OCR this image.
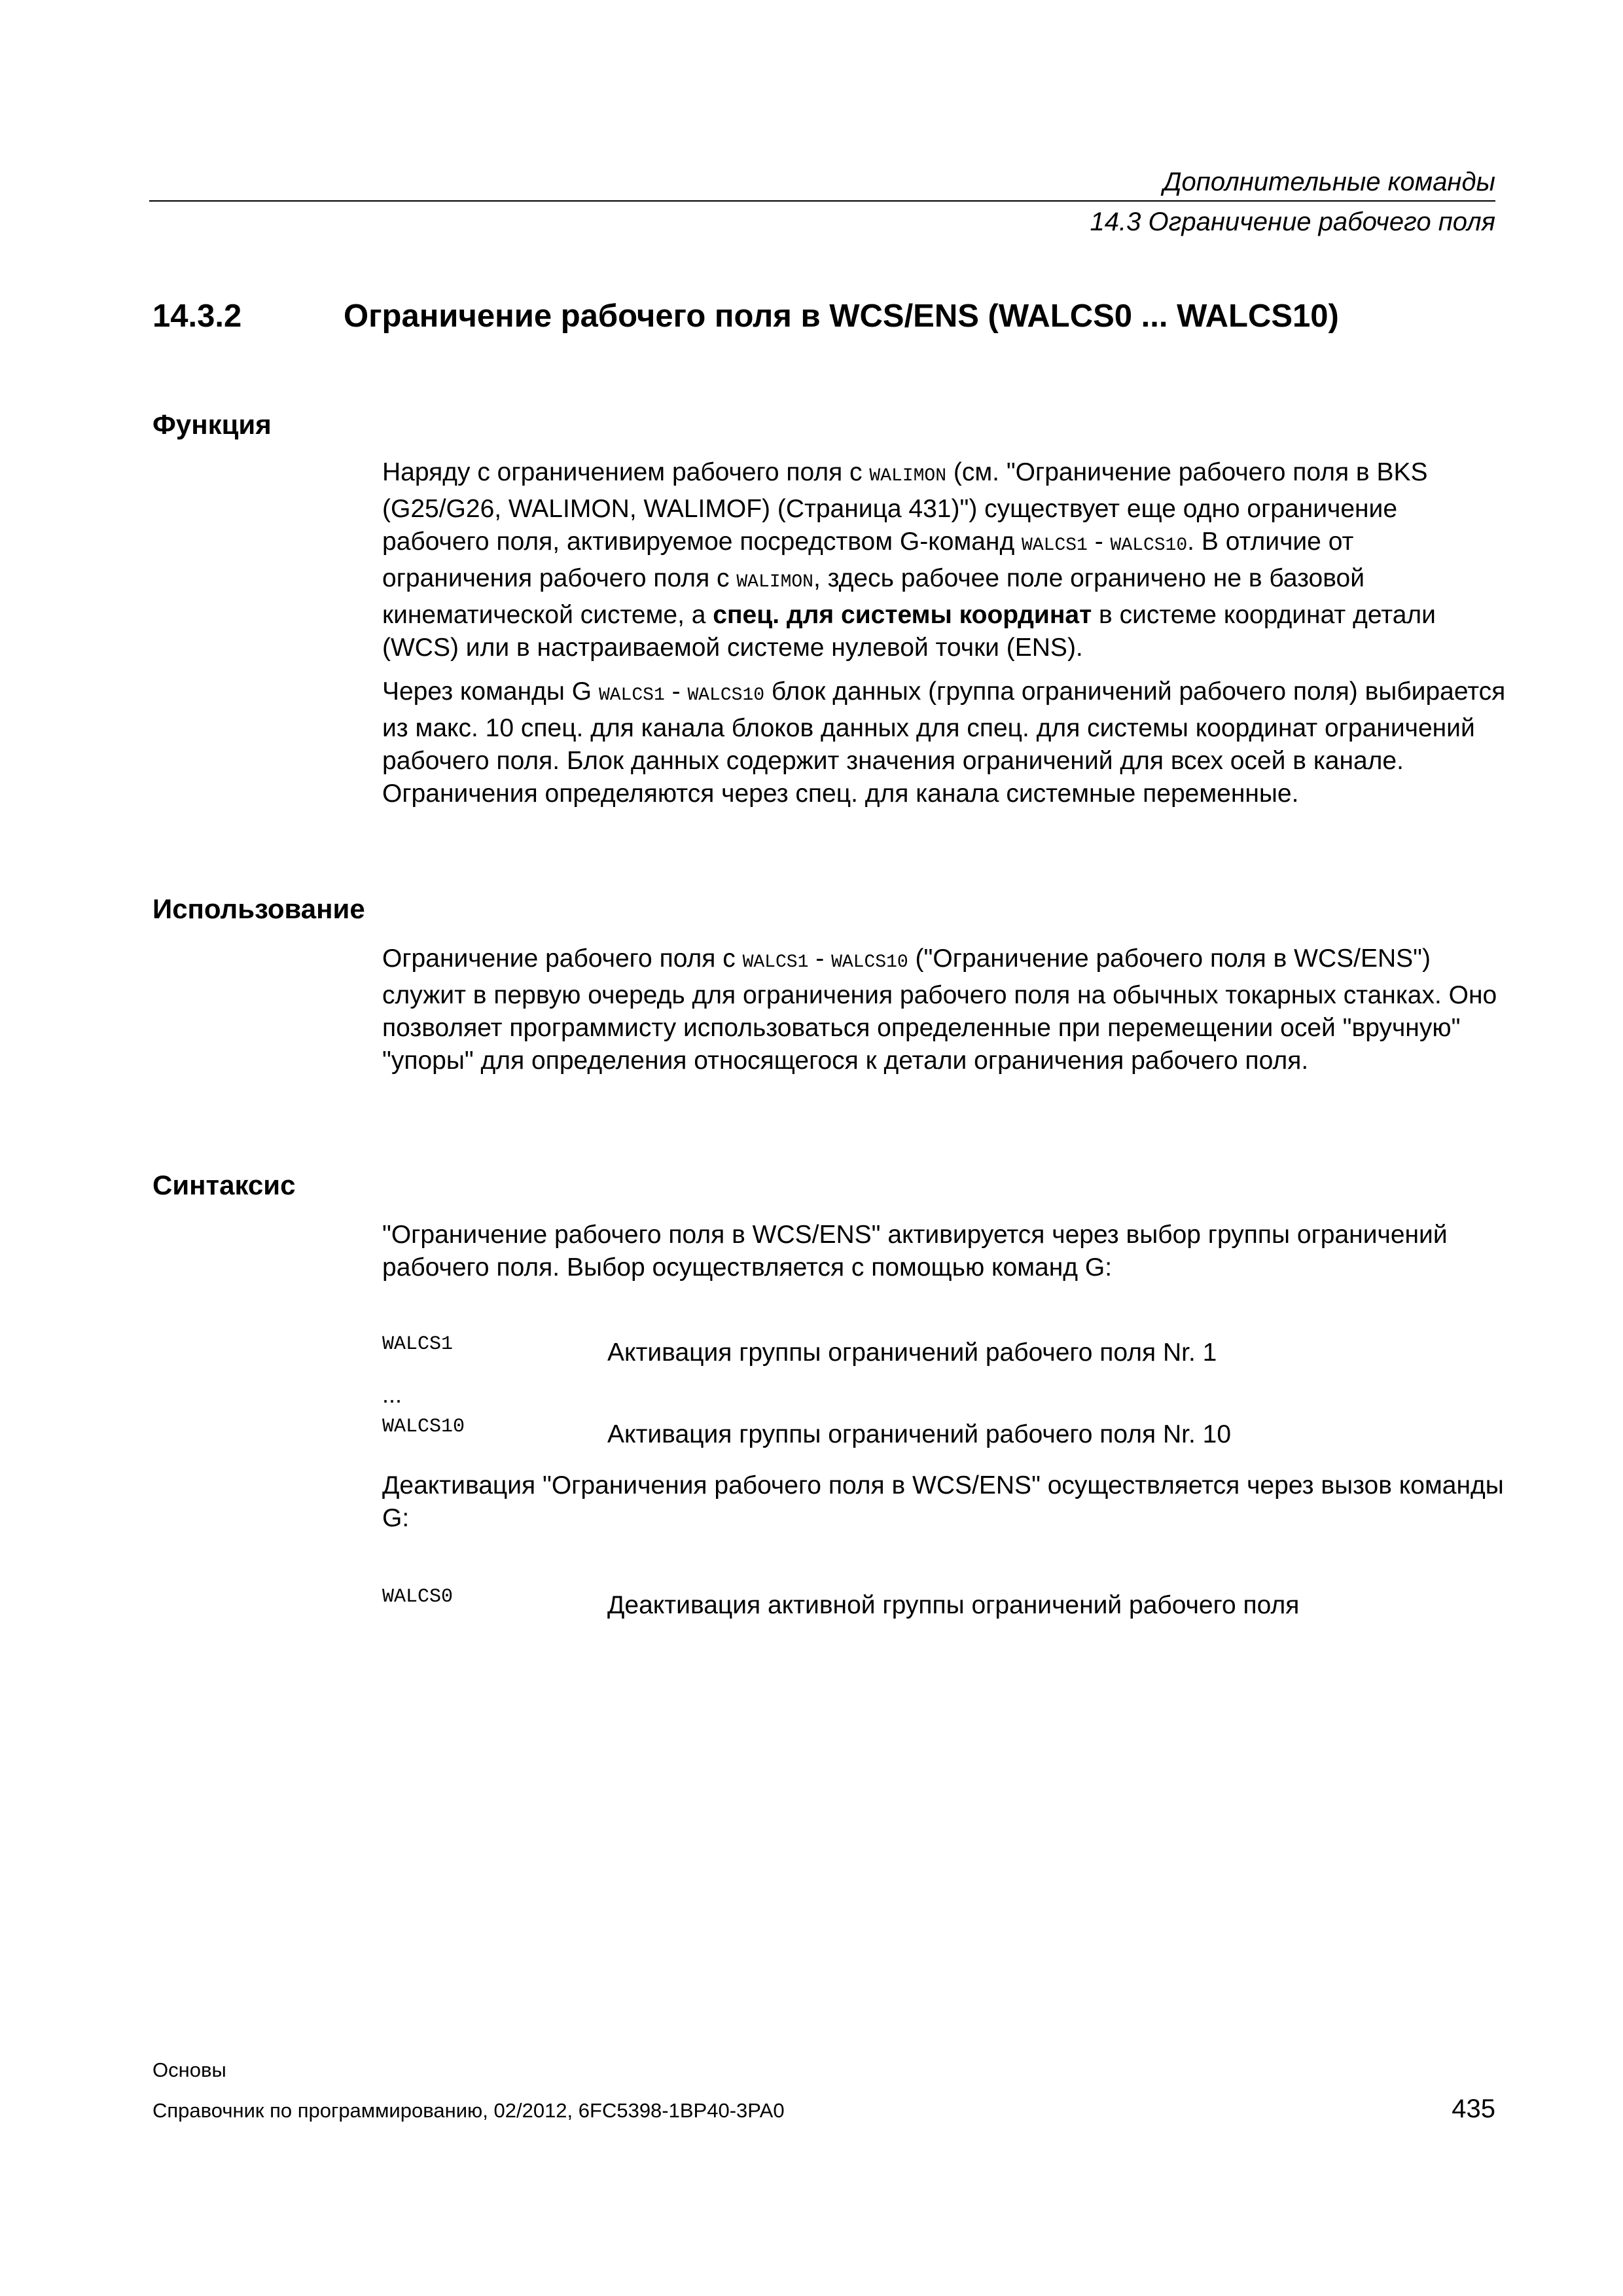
Дополнительные команды
14.3 Ограничение рабочего поля
14.3.2	Ограничение рабочего поля в WCS/ENS (WALCS0 ... WALCS10)
Функция

Наряду с ограничением рабочего поля с WALIMON (см. "Ограничение рабочего поля в BKS (G25/G26, WALIMON, WALIMOF) (Страница 431)") существует еще одно ограничение рабочего поля, активируемое посредством G-команд WALCS1 - WALCS10. В отличие от ограничения рабочего поля с WALIMON, здесь рабочее поле ограничено не в базовой кинематической системе, а спец. для системы координат в системе координат детали (WCS) или в настраиваемой системе нулевой точки (ENS).

Через команды G WALCS1 - WALCS10 блок данных (группа ограничений рабочего поля) выбирается из макс. 10 спец. для канала блоков данных для спец. для системы координат ограничений рабочего поля. Блок данных содержит значения ограничений для всех осей в канале. Ограничения определяются через спец. для канала системные переменные.

Использование

Ограничение рабочего поля с WALCS1 - WALCS10 ("Ограничение рабочего поля в WCS/ENS") служит в первую очередь для ограничения рабочего поля на обычных токарных станках. Оно позволяет программисту использоваться определенные при перемещении осей "вручную" "упоры" для определения относящегося к детали ограничения рабочего поля.

Синтаксис
"Ограничение рабочего поля в WCS/ENS" активируется через выбор группы ограничений рабочего поля. Выбор осуществляется с помощью команд G:
WALCS1	Активация группы ограничений рабочего поля Nr. 1
...
WALCS10	Активация группы ограничений рабочего поля Nr. 10
Деактивация "Ограничения рабочего поля в WCS/ENS" осуществляется через вызов команды G:
WALCS0	Деактивация активной группы ограничений рабочего поля
Основы
Справочник по программированию, 02/2012, 6FC5398-1BP40-3PA0	435
